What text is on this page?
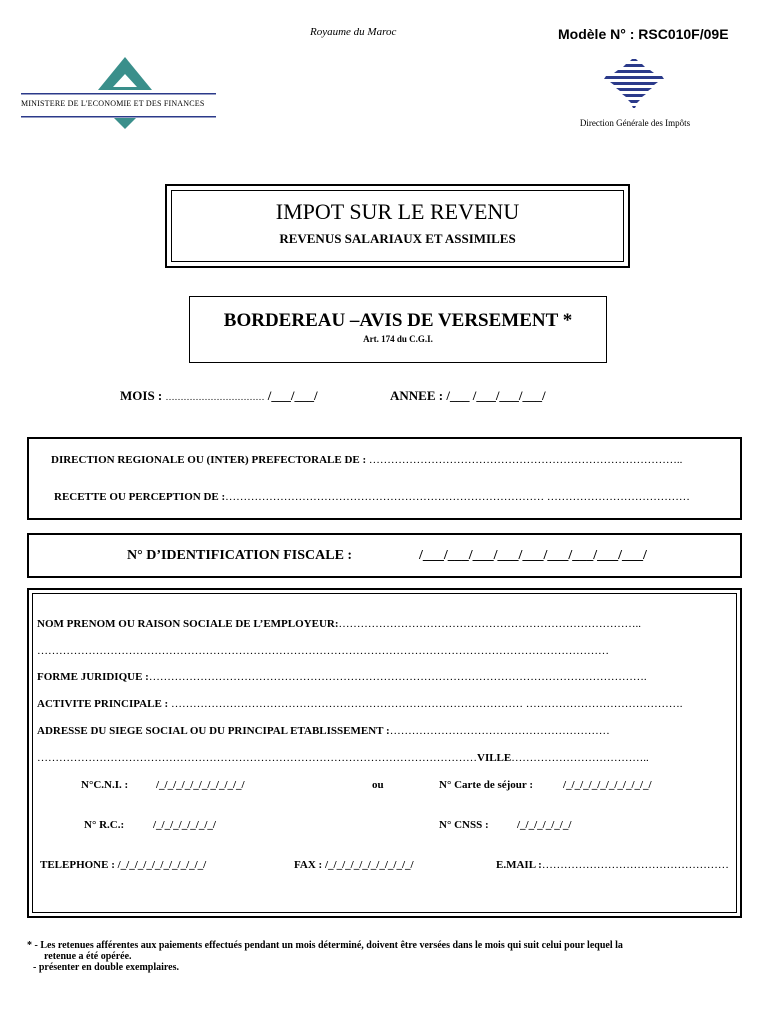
Royaume du Maroc	Modèle N° : RSC010F/09E
MINISTERE DE L'ECONOMIE ET DES FINANCES
Direction Générale des Impôts
IMPOT SUR LE REVENU
REVENUS SALARIAUX ET ASSIMILES
BORDEREAU –AVIS DE VERSEMENT *
Art. 174 du C.G.I.
MOIS : …………………………… /___/___/	ANNEE : /___ /___/___/___/
DIRECTION REGIONALE OU (INTER) PREFECTORALE DE : …………………………………………………………………………..
RECETTE OU PERCEPTION DE :…………………………………………………………………………… …………………………………
N° D’IDENTIFICATION FISCALE :	/___/___/___/___/___/___/___/___/___/
NOM PRENOM OU RAISON SOCIALE DE L’EMPLOYEUR:………………………………………………………………………..
…………………………………………………………………………………………………………………………………………
FORME JURIDIQUE :……………………………………………………………………………………………………………………….
ACTIVITE PRINCIPALE : …………………………………………………………………………………… …………………………………….
ADRESSE DU SIEGE SOCIAL OU DU PRINCIPAL ETABLISSEMENT :……………………………………………………
…………………………………………………………………………………………………………VILLE………………………………..
N°C.N.I. :	/_/_/_/_/_/_/_/_/_/_/	ou	N° Carte de séjour :	/_/_/_/_/_/_/_/_/_/_/
N° R.C.:	/_/_/_/_/_/_/_/	N° CNSS :	/_/_/_/_/_/_/
TELEPHONE : /_/_/_/_/_/_/_/_/_/_/	FAX : /_/_/_/_/_/_/_/_/_/_/	E.MAIL :……………………………………………
* - Les retenues afférentes aux paiements effectués pendant un mois déterminé, doivent être versées dans le mois qui suit celui pour lequel la
retenue a été opérée.
- présenter en double exemplaires.
